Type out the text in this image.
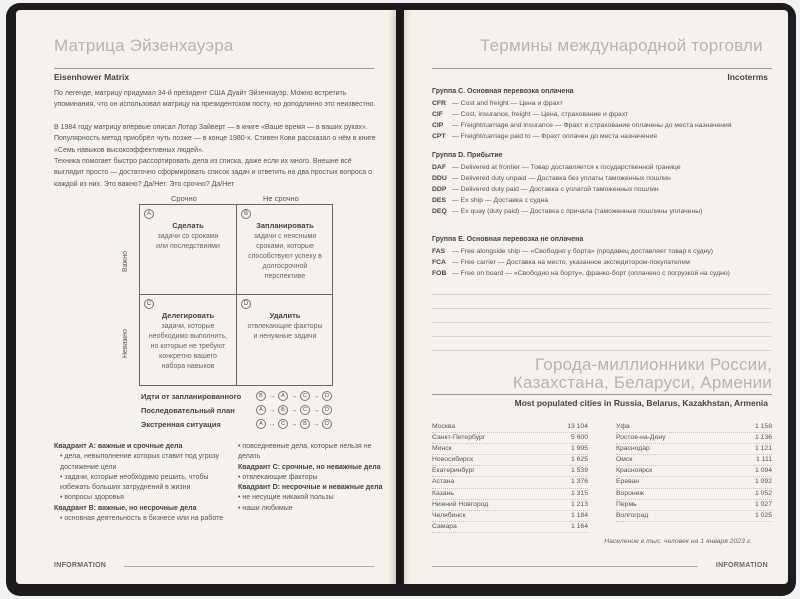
Матрица Эйзенхауэра
Eisenhower Matrix
По легенде, матрицу придумал 34-й президент США Дуайт Эйзенхауэр. Можно встретить упоминания, что он использовал матрицу на президентском посту, но доподлинно это неизвестно.
В 1984 году матрицу впервые описал Лотар Зайверт — в книге «Ваше время — в ваших руках». Популярность метод приобрёл чуть позже — в конце 1980-х. Стивен Кови рассказал о нём в книге «Семь навыков высокоэффективных людей».
Техника помогает быстро рассортировать дела из списка, даже если их много. Внешне всё выглядит просто — достаточно сформировать список задач и ответить на два простых вопроса о каждой из них. Это важно? Да/Нет. Это срочно? Да/Нет
Срочно	Не срочно
Важно
Неважно
A
Сделать
задачи со сроками или последствиями
B
Запланировать
задачи с неясными сроками, которые способствуют успеху в долгосрочной перспективе
C
Делегировать
задачи, которые необходимо выполнить, но которые не требуют конкретно вашего набора навыков
D
Удалить
отвлекающие факторы и ненужные задачи
Идти от запланированного	B →	A →	C →	D
Последовательный план	A →	B →	C →	D
Экстренная ситуация	A →	C →	B →	D
Квадрант A: важные и срочные дела
• дела, невыполнение которых ставит под угрозу достижение цели
• задачи, которые необходимо решить, чтобы избежать больших затруднений в жизни
• вопросы здоровья
Квадрант B: важные, но несрочные дела
• основная деятельность в бизнесе или на работе
• повседневные дела, которые нельзя не делать
Квадрант C: срочные, но неважные дела
• отвлекающие факторы
Квадрант D: несрочные и неважные дела
• не несущие никакой пользы
• наши любимые
INFORMATION
Термины международной торговли
Incoterms
Группа C. Основная перевозка оплачена
CFR — Cost and freight — Цена и фрахт
CIF — Cost, insurance, freight — Цена, страхование и фрахт
CIP — Freight/carriage and insurance — Фрахт и страхование оплачены до места назначения
CPT — Freight/carriage paid to — Фрахт оплачен до места назначения
Группа D. Прибытие
DAF — Delivered at frontier — Товар доставляется к государственной границе
DDU — Delivered duty unpaid — Доставка без уплаты таможенных пошлин
DDP — Delivered duty paid — Доставка с уплатой таможенных пошлин
DES — Ex ship — Доставка с судна
DEQ — Ex quay (duty paid) — Доставка с причала (таможенные пошлины уплачены)
Группа E. Основная перевозка не оплачена
FAS — Free alongside ship — «Свободно у борта» (продавец доставляет товар к судну)
FCA — Free carrier — Доставка на место, указанное экспедитором-покупателем
FOB — Free on board — «Свободно на борту», франко-борт (оплачено с погрузкой на судно)
Города-миллионники России, Казахстана, Беларуси, Армении
Most populated cities in Russia, Belarus, Kazakhstan, Armenia
Москва	13 104
Санкт-Петербург	5 600
Минск	1 995
Новосибирск	1 625
Екатеринбург	1 539
Астана	1 376
Казань	1 315
Нижний Новгород	1 213
Челябинск	1 184
Самара	1 164
Уфа	1 158
Ростов-на-Дону	1 136
Краснодар	1 121
Омск	1 111
Красноярск	1 094
Ереван	1 092
Воронеж	1 052
Пермь	1 027
Волгоград	1 025
Население в тыс. человек на 1 января 2023 г.
INFORMATION
